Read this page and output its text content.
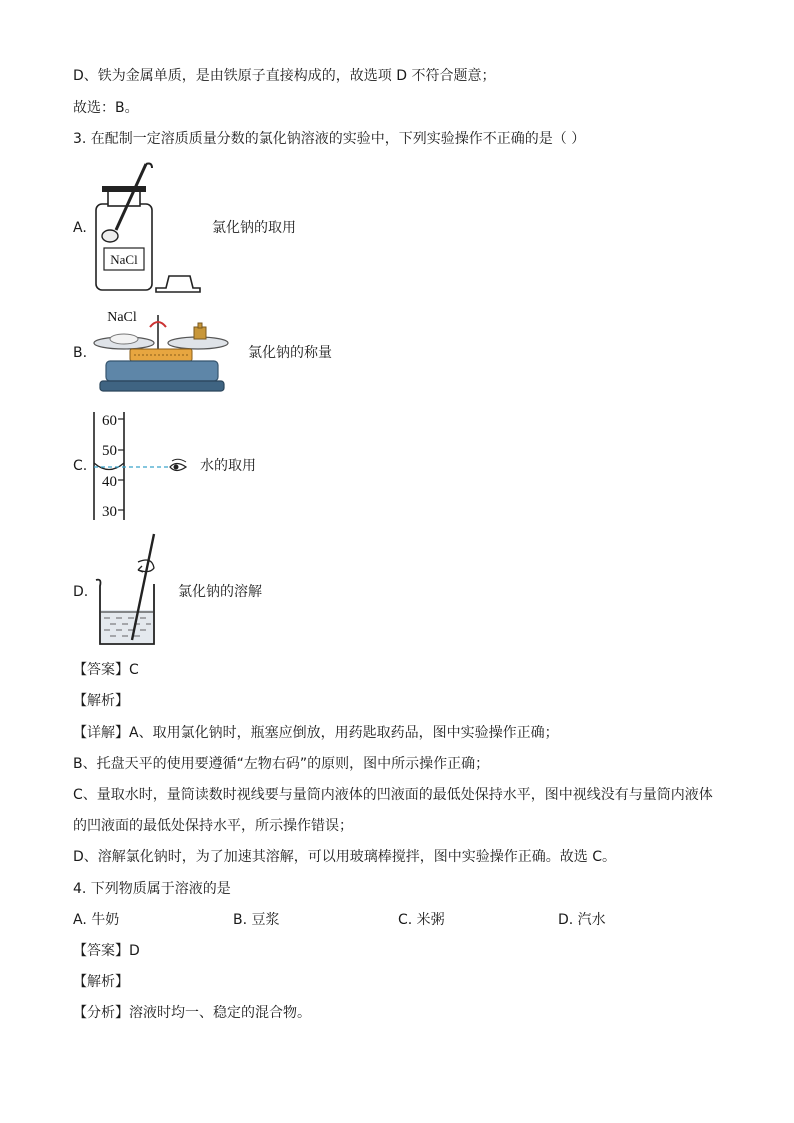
D、铁为金属单质，是由铁原子直接构成的，故选项 D 不符合题意；
故选：B。
3. 在配制一定溶质质量分数的氯化钠溶液的实验中，下列实验操作不正确的是（ ）
A.
NaCl
氯化钠的取用
B.
NaCl
氯化钠的称量
C.
60
50
40
30
水的取用
D.	氯化钠的溶解
【答案】C
【解析】
【详解】A、取用氯化钠时，瓶塞应倒放，用药匙取药品，图中实验操作正确；
B、托盘天平的使用要遵循“左物右码”的原则，图中所示操作正确；
C、量取水时，量筒读数时视线要与量筒内液体的凹液面的最低处保持水平，图中视线没有与量筒内液体
的凹液面的最低处保持水平，所示操作错误；
D、溶解氯化钠时，为了加速其溶解，可以用玻璃棒搅拌，图中实验操作正确。故选 C。
4. 下列物质属于溶液的是
A. 牛奶	B. 豆浆	C. 米粥	D. 汽水
【答案】D
【解析】
【分析】溶液时均一、稳定的混合物。
